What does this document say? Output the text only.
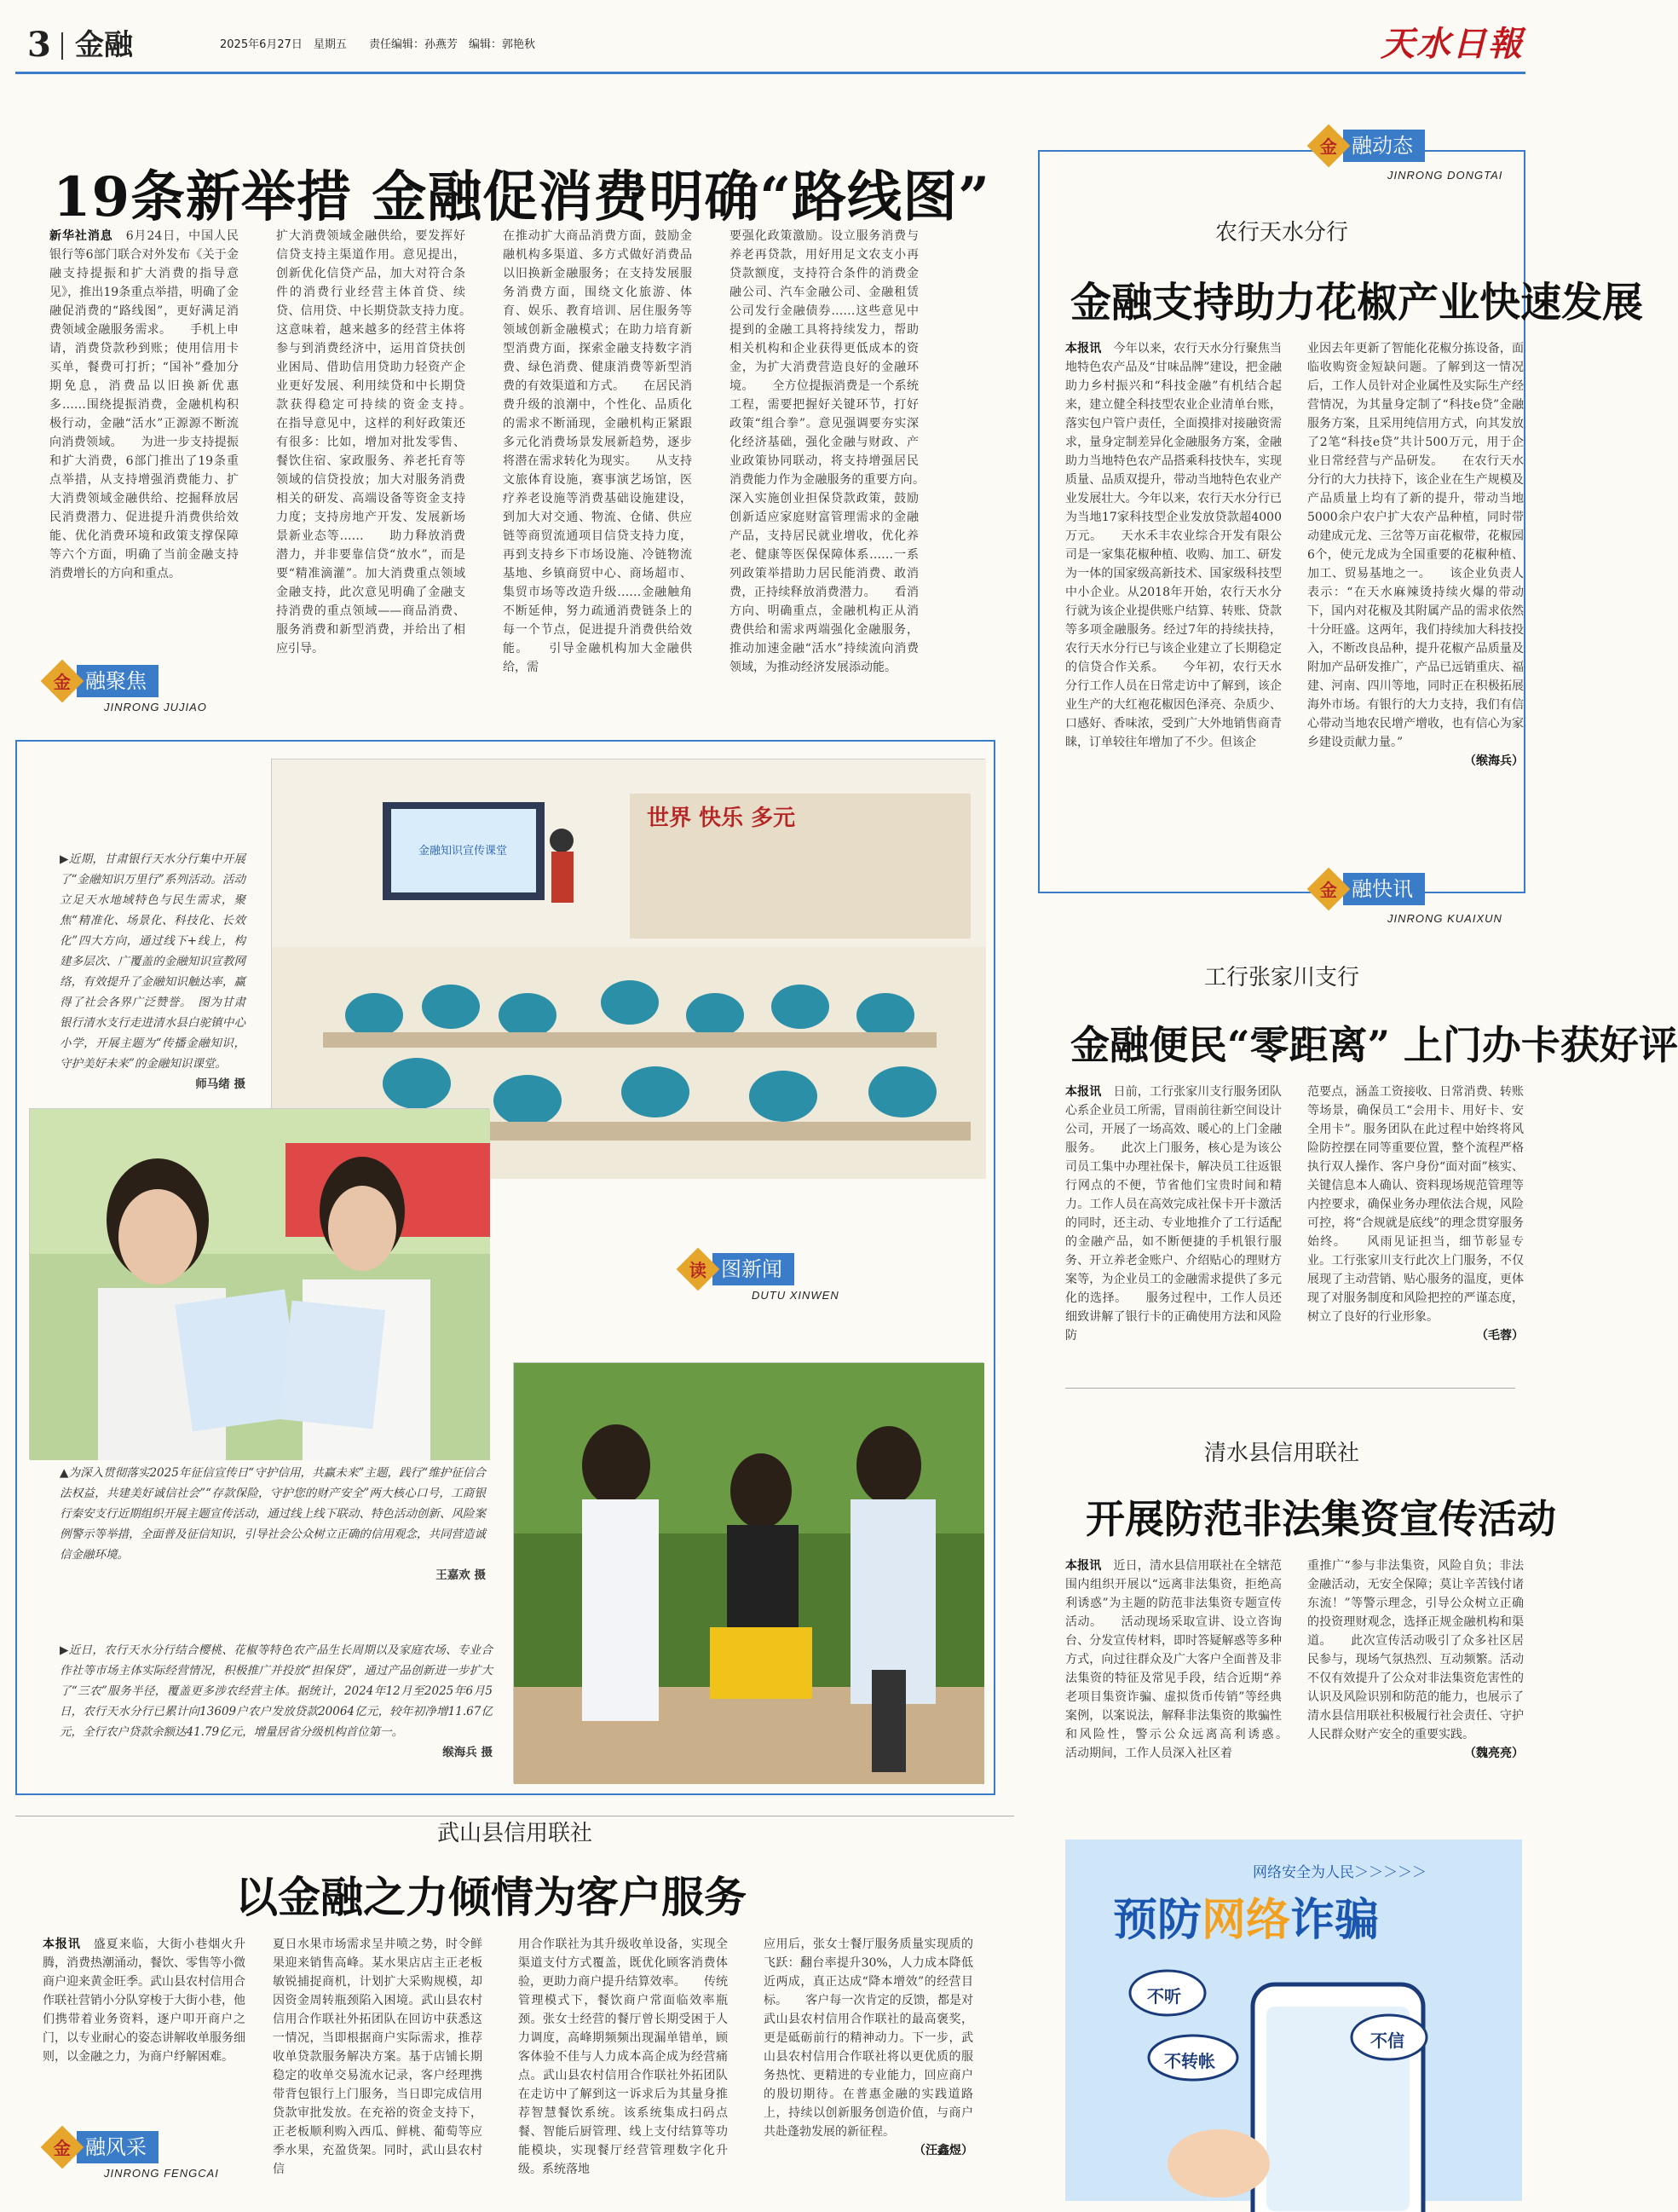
3 金融	2025年6月27日　 星期五　　 责任编辑：孙燕芳　 编辑：郭艳秋	天水日報
19条新举措 金融促消费明确“路线图”
新华社消息　6月24日，中国人民银行等6部门联合对外发布《关于金融支持提振和扩大消费的指导意见》，推出19条重点举措，明确了金融促消费的“路线图”，更好满足消费领域金融服务需求。　　手机上申请，消费贷款秒到账；使用信用卡买单，餐费可打折；“国补”叠加分期免息，消费品以旧换新优惠多……围绕提振消费，金融机构积极行动，金融“活水”正源源不断流向消费领域。　　为进一步支持提振和扩大消费，6部门推出了19条重点举措，从支持增强消费能力、扩大消费领域金融供给、挖掘释放居民消费潜力、促进提升消费供给效能、优化消费环境和政策支撑保障等六个方面，明确了当前金融支持消费增长的方向和重点。
扩大消费领域金融供给，要发挥好信贷支持主渠道作用。意见提出，创新优化信贷产品，加大对符合条件的消费行业经营主体首贷、续贷、信用贷、中长期贷款支持力度。　　这意味着，越来越多的经营主体将参与到消费经济中，运用首贷扶创业困局、借助信用贷助力轻资产企业更好发展、利用续贷和中长期贷款获得稳定可持续的资金支持。　　在指导意见中，这样的利好政策还有很多：比如，增加对批发零售、餐饮住宿、家政服务、养老托育等领域的信贷投放；加大对服务消费相关的研发、高端设备等资金支持力度；支持房地产开发、发展新场景新业态等……　　助力释放消费潜力，并非要靠信贷“放水”，而是要“精准滴灌”。加大消费重点领域金融支持，此次意见明确了金融支持消费的重点领域——商品消费、服务消费和新型消费，并给出了相应引导。
在推动扩大商品消费方面，鼓励金融机构多渠道、多方式做好消费品以旧换新金融服务；在支持发展服务消费方面，围绕文化旅游、体育、娱乐、教育培训、居住服务等领域创新金融模式；在助力培育新型消费方面，探索金融支持数字消费、绿色消费、健康消费等新型消费的有效渠道和方式。　　在居民消费升级的浪潮中，个性化、品质化的需求不断涌现，金融机构正紧跟多元化消费场景发展新趋势，逐步将潜在需求转化为现实。　　从支持文旅体育设施，赛事演艺场馆，医疗养老设施等消费基础设施建设，到加大对交通、物流、仓储、供应链等商贸流通项目信贷支持力度，再到支持乡下市场设施、冷链物流基地、乡镇商贸中心、商场超市、集贸市场等改造升级……金融触角不断延伸，努力疏通消费链条上的每一个节点，促进提升消费供给效能。　　引导金融机构加大金融供给，需
要强化政策激励。设立服务消费与养老再贷款，用好用足文农支小再贷款额度，支持符合条件的消费金融公司、汽车金融公司、金融租赁公司发行金融债券……这些意见中提到的金融工具将持续发力，帮助相关机构和企业获得更低成本的资金，为扩大消费营造良好的金融环境。　　全方位提振消费是一个系统工程，需要把握好关键环节，打好政策“组合拳”。意见强调要夯实深化经济基础，强化金融与财政、产业政策协同联动，将支持增强居民消费能力作为金融服务的重要方向。　　深入实施创业担保贷款政策，鼓励创新适应家庭财富管理需求的金融产品，支持居民就业增收，优化养老、健康等医保保障体系……一系列政策举措助力居民能消费、敢消费，正持续释放消费潜力。　　看消方向、明确重点，金融机构正从消费供给和需求两端强化金融服务，推动加速金融“活水”持续流向消费领域，为推动经济发展添动能。
金 融聚焦
JINRONG JUJIAO
▶近期，甘肃银行天水分行集中开展了“金融知识万里行”系列活动。活动立足天水地域特色与民生需求，聚焦“精准化、场景化、科技化、长效化”四大方向，通过线下+线上，构建多层次、广覆盖的金融知识宣教网络，有效提升了金融知识触达率，赢得了社会各界广泛赞誉。　图为甘肃银行清水支行走进清水县白驼镇中心小学，开展主题为“传播金融知识，守护美好未来”的金融知识课堂。
师马绪 摄
金融知识宣传课堂
世界 快乐 多元
▲为深入贯彻落实2025年征信宣传日“守护信用，共赢未来”主题，践行“维护征信合法权益，共建美好诚信社会”“存款保险，守护您的财产安全”两大核心口号，工商银行秦安支行近期组织开展主题宣传活动，通过线上线下联动、特色活动创新、风险案例警示等举措，全面普及征信知识，引导社会公众树立正确的信用观念，共同营造诚信金融环境。
王嘉欢 摄
读 图新闻
DUTU XINWEN
▶近日，农行天水分行结合樱桃、花椒等特色农产品生长周期以及家庭农场、专业合作社等市场主体实际经营情况，积极推广并投放“担保贷”，通过产品创新进一步扩大了“三农”服务半径，覆盖更多涉农经营主体。据统计，2024年12月至2025年6月5日，农行天水分行已累计向13609户农户发放贷款20064亿元，较年初净增11.67亿元，全行农户贷款余额达41.79亿元，增量居省分级机构首位第一。
缑海兵 摄
金 融动态
JINRONG DONGTAI
农行天水分行
金融支持助力花椒产业快速发展
本报讯　今年以来，农行天水分行聚焦当地特色农产品及“甘味品牌”建设，把金融助力乡村振兴和“科技金融”有机结合起来，建立健全科技型农业企业清单台账，落实包户管户责任，全面摸排对接融资需求，量身定制差异化金融服务方案，金融助力当地特色农产品搭乘科技快车，实现质量、品质双提升，带动当地特色农业产业发展壮大。今年以来，农行天水分行已为当地17家科技型企业发放贷款超4000万元。　　天水禾丰农业综合开发有限公司是一家集花椒种植、收购、加工、研发为一体的国家级高新技术、国家级科技型中小企业。从2018年开始，农行天水分行就为该企业提供账户结算、转账、贷款等多项金融服务。经过7年的持续扶持，农行天水分行已与该企业建立了长期稳定的信贷合作关系。　　今年初，农行天水分行工作人员在日常走访中了解到，该企业生产的大红袍花椒因色泽亮、杂质少、口感好、香味浓，受到广大外地销售商青睐，订单较往年增加了不少。但该企
业因去年更新了智能化花椒分拣设备，面临收购资金短缺问题。了解到这一情况后，工作人员针对企业属性及实际生产经营情况，为其量身定制了“科技e贷”金融服务方案，且采用纯信用方式，向其发放了2笔“科技e贷”共计500万元，用于企业日常经营与产品研发。　　在农行天水分行的大力扶持下，该企业在生产规模及产品质量上均有了新的提升，带动当地5000余户农户扩大农产品种植，同时带动建成元龙、三岔等万亩花椒带，花椒园6个，使元龙成为全国重要的花椒种植、加工、贸易基地之一。　　该企业负责人表示：“在天水麻辣烫持续火爆的带动下，国内对花椒及其附属产品的需求依然十分旺盛。这两年，我们持续加大科技投入，不断改良品种，提升花椒产品质量及附加产品研发推广，产品已远销重庆、福建、河南、四川等地，同时正在积极拓展海外市场。有银行的大力支持，我们有信心带动当地农民增产增收，也有信心为家乡建设贡献力量。”
（缑海兵）
金 融快讯
JINRONG KUAIXUN
工行张家川支行
金融便民“零距离” 上门办卡获好评
本报讯　日前，工行张家川支行服务团队心系企业员工所需，冒雨前往新空间设计公司，开展了一场高效、暖心的上门金融服务。　　此次上门服务，核心是为该公司员工集中办理社保卡，解决员工往返银行网点的不便，节省他们宝贵时间和精力。工作人员在高效完成社保卡开卡激活的同时，还主动、专业地推介了工行适配的金融产品，如不断便捷的手机银行服务、开立养老金账户、介绍贴心的理财方案等，为企业员工的金融需求提供了多元化的选择。　　服务过程中，工作人员还细致讲解了银行卡的正确使用方法和风险防
范要点，涵盖工资接收、日常消费、转账等场景，确保员工“会用卡、用好卡、安全用卡”。服务团队在此过程中始终将风险防控摆在同等重要位置，整个流程严格执行双人操作、客户身份“面对面”核实、关键信息本人确认、资料现场规范管理等内控要求，确保业务办理依法合规，风险可控，将“合规就是底线”的理念贯穿服务始终。　　风雨见证担当，细节彰显专业。工行张家川支行此次上门服务，不仅展现了主动营销、贴心服务的温度，更体现了对服务制度和风险把控的严谨态度，树立了良好的行业形象。
（毛蓉）
清水县信用联社
开展防范非法集资宣传活动
本报讯　近日，清水县信用联社在全辖范围内组织开展以“远离非法集资，拒绝高利诱惑”为主题的防范非法集资专题宣传活动。　　活动现场采取宣讲、设立咨询台、分发宣传材料，即时答疑解惑等多种方式，向过往群众及广大客户全面普及非法集资的特征及常见手段，结合近期“养老项目集资诈骗、虚拟货币传销”等经典案例，以案说法，解释非法集资的欺骗性和风险性，警示公众远离高利诱惑。　　活动期间，工作人员深入社区着
重推广“参与非法集资，风险自负；非法金融活动，无安全保障；莫让辛苦钱付诸东流！”等警示理念，引导公众树立正确的投资理财观念，选择正规金融机构和渠道。　　此次宣传活动吸引了众多社区居民参与，现场气氛热烈、互动频繁。活动不仅有效提升了公众对非法集资危害性的认识及风险识别和防范的能力，也展示了清水县信用联社积极履行社会责任、守护人民群众财产安全的重要实践。
（魏亮亮）
武山县信用联社
以金融之力倾情为客户服务
本报讯　盛夏来临，大街小巷烟火升腾，消费热潮涌动，餐饮、零售等小微商户迎来黄金旺季。武山县农村信用合作联社营销小分队穿梭于大街小巷，他们携带着业务资料，逐户叩开商户之门，以专业耐心的姿态讲解收单服务细则，以金融之力，为商户纾解困难。
夏日水果市场需求呈井喷之势，时令鲜果迎来销售高峰。某水果店店主正老板敏锐捕捉商机，计划扩大采购规模，却因资金周转瓶颈陷入困境。武山县农村信用合作联社外拓团队在回访中获悉这一情况，当即根据商户实际需求，推荐收单贷款服务解决方案。基于店铺长期稳定的收单交易流水记录，客户经理携带背包银行上门服务，当日即完成信用贷款审批发放。在充裕的资金支持下，正老板顺利购入西瓜、鲜桃、葡萄等应季水果，充盈货架。同时，武山县农村信
用合作联社为其升级收单设备，实现全渠道支付方式覆盖，既优化顾客消费体验，更助力商户提升结算效率。　　传统管理模式下，餐饮商户常面临效率瓶颈。张女士经营的餐厅曾长期受困于人力调度，高峰期频频出现漏单错单，顾客体验不佳与人力成本高企成为经营痛点。武山县农村信用合作联社外拓团队在走访中了解到这一诉求后为其量身推荐智慧餐饮系统。该系统集成扫码点餐、智能后厨管理、线上支付结算等功能模块，实现餐厅经营管理数字化升级。系统落地
应用后，张女士餐厅服务质量实现质的飞跃：翻台率提升30%，人力成本降低近两成，真正达成“降本增效”的经营目标。　　客户每一次肯定的反馈，都是对武山县农村信用合作联社的最高褒奖，更是砥砺前行的精神动力。下一步，武山县农村信用合作联社将以更优质的服务热忱、更精进的专业能力，回应商户的殷切期待。在普惠金融的实践道路上，持续以创新服务创造价值，与商户共赴蓬勃发展的新征程。
（汪鑫煜）
金 融风采
JINRONG FENGCAI
网络安全为人民＞＞＞＞＞
预防网络诈骗
不听
不信
不转帐
